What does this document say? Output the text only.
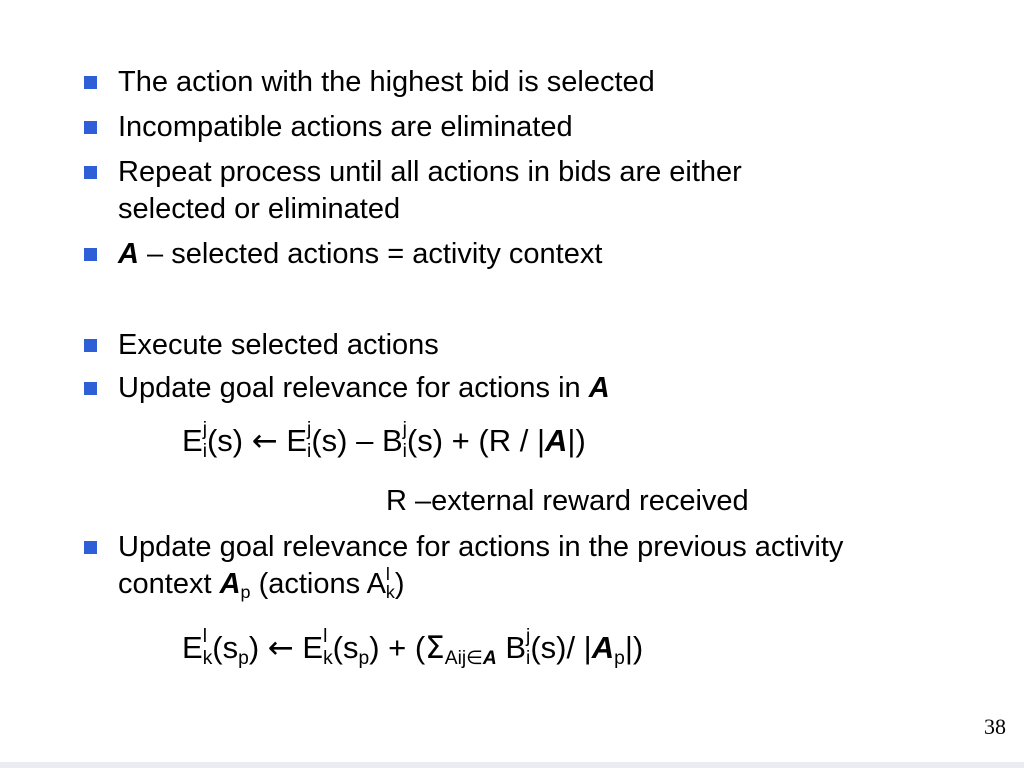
The action with the highest bid is selected
Incompatible actions are eliminated
Repeat process until all actions in bids are either
selected or eliminated
A – selected actions = activity context
Execute selected actions
Update goal relevance for actions in A
E j
i(s) ← E j
i(s) – B j
i(s) + (R / |A|)
R –external reward received
Update goal relevance for actions in the previous activity
context $A_p$ (actions A l
k)
E l
$k(s_p)$ ← E l
$k(s_p) + (\Sigma_{Aij\in A}$ B j
i(s)/ $|A_p|$)
38
